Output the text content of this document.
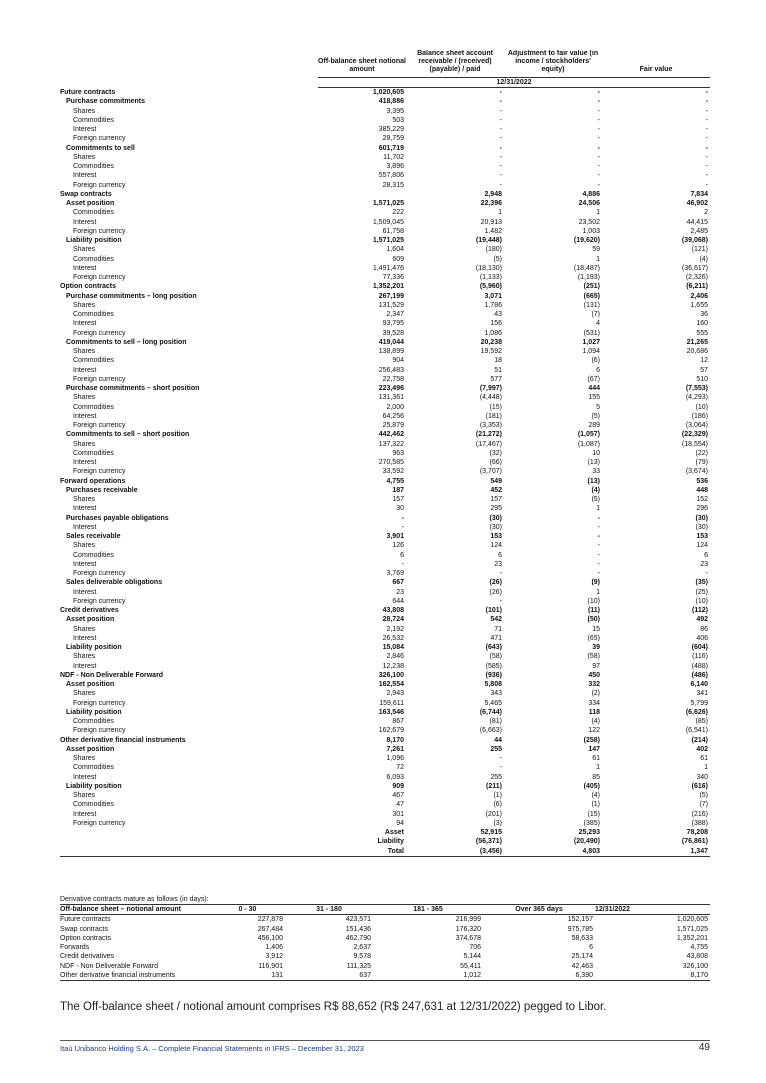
	Off-balance sheet notional amount	Balance sheet account receivable / (received) (payable) / paid	Adjustment to fair value (in income / stockholders' equity)	Fair value
	12/31/2022			
Future contracts	1,020,605	-	-	-
Purchase commitments	418,886	-	-	-
Shares	3,395	-	-	-
Commodities	503	-	-	-
Interest	385,229	-	-	-
Foreign currency	29,759	-	-	-
Commitments to sell	601,719	-	-	-
Shares	11,702	-	-	-
Commodities	3,896	-	-	-
Interest	557,806	-	-	-
Foreign currency	28,315	-	-	-
Swap contracts		2,948	4,886	7,834
Asset position	1,571,025	22,396	24,506	46,902
Commodities	222	1	1	2
Interest	1,509,045	20,913	23,502	44,415
Foreign currency	61,758	1,482	1,003	2,485
Liability position	1,571,025	(19,448)	(19,620)	(39,068)
Shares	1,604	(180)	59	(121)
Commodities	609	(5)	1	(4)
Interest	1,491,476	(18,130)	(18,487)	(36,617)
Foreign currency	77,336	(1,133)	(1,193)	(2,326)
Option contracts	1,352,201	(5,960)	(251)	(6,211)
Purchase commitments – long position	267,199	3,071	(665)	2,406
Shares	131,529	1,786	(131)	1,655
Commodities	2,347	43	(7)	36
Interest	93,795	156	4	160
Foreign currency	39,528	1,086	(531)	555
Commitments to sell – long position	419,044	20,238	1,027	21,265
Shares	138,899	19,592	1,094	20,686
Commodities	904	18	(6)	12
Interest	256,483	51	6	57
Foreign currency	22,758	577	(67)	510
Purchase commitments – short position	223,496	(7,997)	444	(7,553)
Shares	131,361	(4,448)	155	(4,293)
Commodities	2,000	(15)	5	(10)
Interest	64,256	(181)	(5)	(186)
Foreign currency	25,879	(3,353)	289	(3,064)
Commitments to sell – short position	442,462	(21,272)	(1,057)	(22,329)
Shares	137,322	(17,467)	(1,087)	(18,554)
Commodities	963	(32)	10	(22)
Interest	270,585	(66)	(13)	(79)
Foreign currency	33,592	(3,707)	33	(3,674)
Forward operations	4,755	549	(13)	536
Purchases receivable	187	452	(4)	448
Shares	157	157	(5)	152
Interest	30	295	1	296
Purchases payable obligations	-	(30)	-	(30)
Interest	-	(30)	-	(30)
Sales receivable	3,901	153	-	153
Shares	126	124	-	124
Commodities	6	6	-	6
Interest	-	23	-	23
Foreign currency	3,769	-	-	-
Sales deliverable obligations	667	(26)	(9)	(35)
Interest	23	(26)	1	(25)
Foreign currency	644	-	(10)	(10)
Credit derivatives	43,808	(101)	(11)	(112)
Asset position	28,724	542	(50)	492
Shares	2,192	71	15	86
Interest	26,532	471	(65)	406
Liability position	15,084	(643)	39	(604)
Shares	2,846	(58)	(58)	(116)
Interest	12,238	(585)	97	(488)
NDF - Non Deliverable Forward	326,100	(936)	450	(486)
Asset position	162,554	5,808	332	6,140
Shares	2,943	343	(2)	341
Foreign currency	159,611	5,465	334	5,799
Liability position	163,546	(6,744)	118	(6,626)
Commodities	867	(81)	(4)	(85)
Foreign currency	162,679	(6,663)	122	(6,541)
Other derivative financial instruments	8,170	44	(258)	(214)
Asset position	7,261	255	147	402
Shares	1,096	-	61	61
Commodities	72	-	1	1
Interest	6,093	255	85	340
Liability position	909	(211)	(405)	(616)
Shares	467	(1)	(4)	(5)
Commodities	47	(6)	(1)	(7)
Interest	301	(201)	(15)	(216)
Foreign currency	94	(3)	(385)	(388)
	Asset	52,915	25,293	78,208
	Liability	(56,371)	(20,490)	(76,861)
	Total	(3,456)	4,803	1,347
Derivative contracts mature as follows (in days):
Off-balance sheet – notional amount	0 - 30	31 - 180	181 - 365	Over 365 days	12/31/2022
Future contracts	227,878	423,571	216,999	152,157	1,020,605
Swap contracts	267,484	151,436	176,320	975,785	1,571,025
Option contracts	456,100	462,790	374,678	58,633	1,352,201
Forwards	1,406	2,637	706	6	4,755
Credit derivatives	3,912	9,578	5,144	25,174	43,808
NDF - Non Deliverable Forward	116,901	111,325	55,411	42,463	326,100
Other derivative financial instruments	131	637	1,012	6,390	8,170
The Off-balance sheet / notional amount comprises R$ 88,652 (R$ 247,631 at 12/31/2022) pegged to Libor.
Itaú Unibanco Holding S.A. – Complete Financial Statements in IFRS – December 31, 2023	49
